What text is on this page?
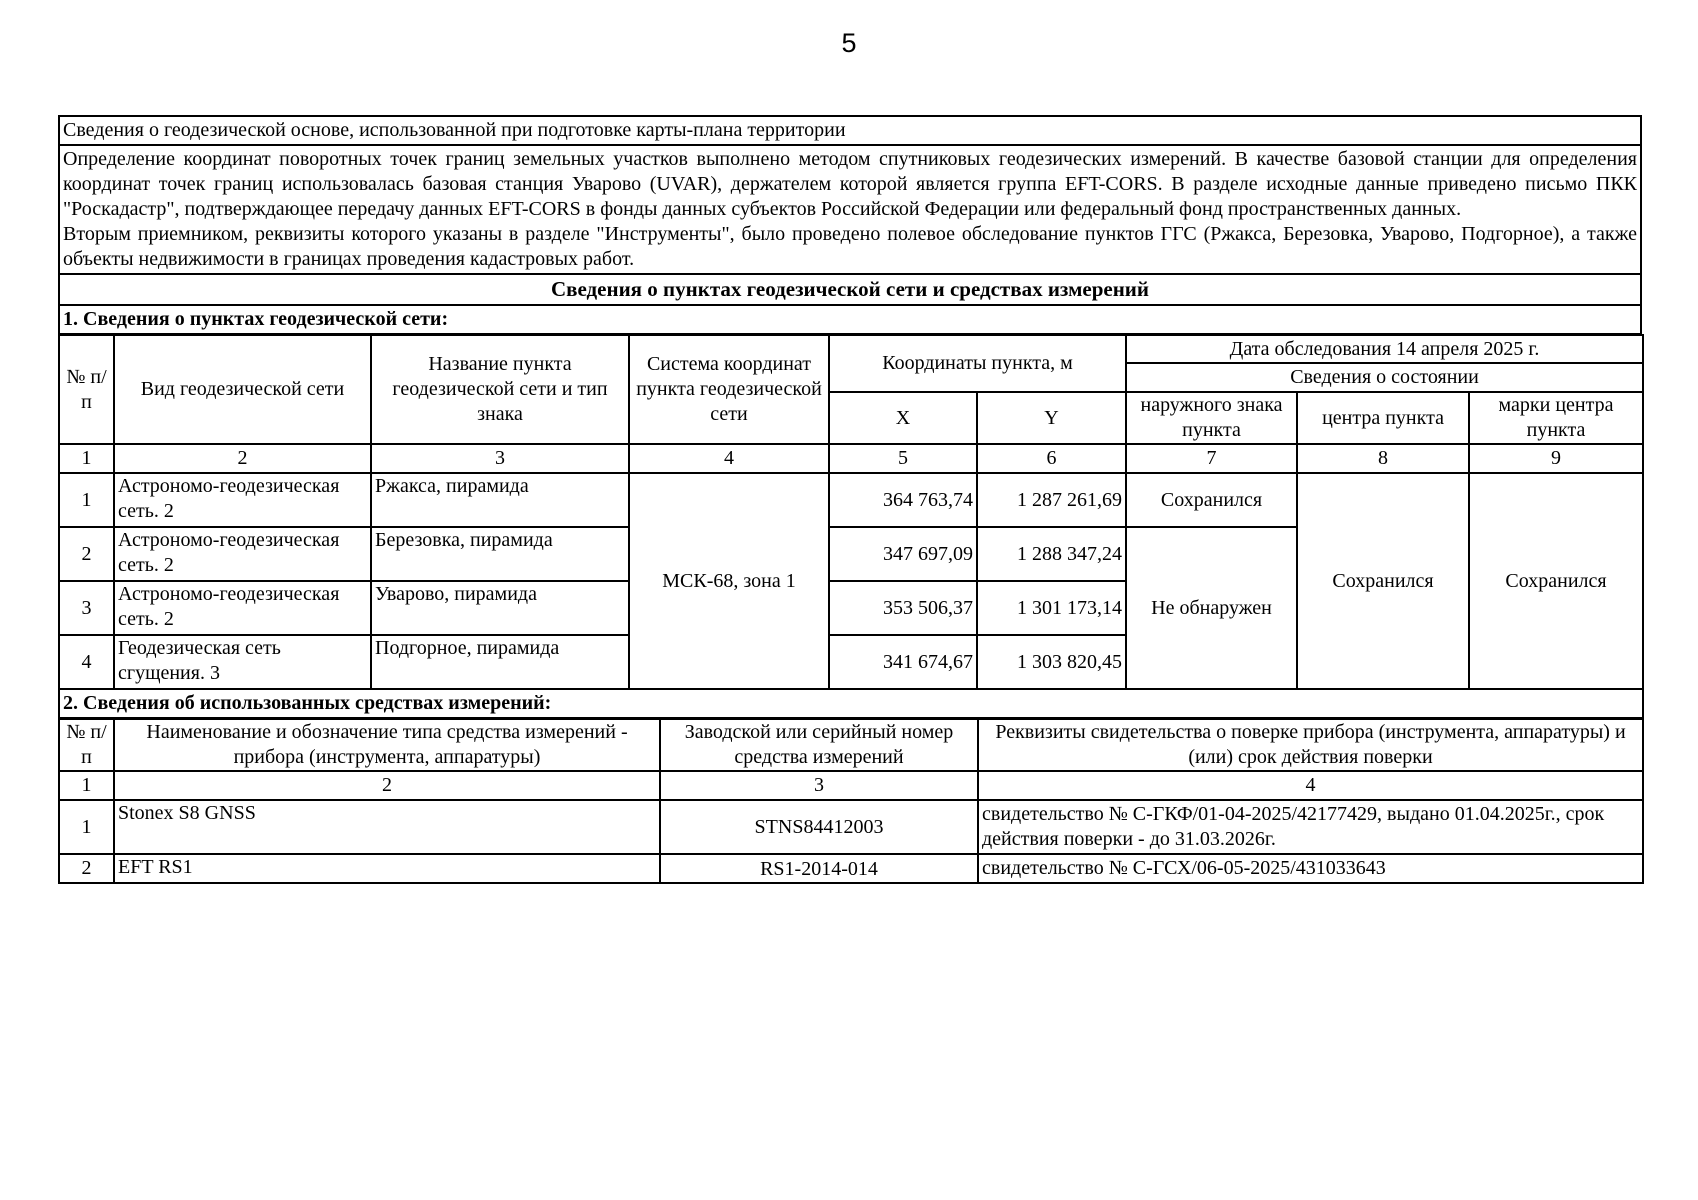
5
Сведения о геодезической основе, использованной при подготовке карты-плана территории

Определение координат поворотных точек границ земельных участков выполнено методом спутниковых геодезических измерений. В качестве базовой станции для определения координат точек границ использовалась базовая станция Уварово (UVAR), держателем которой является группа EFT-CORS. В разделе исходные данные приведено письмо ПКК "Роскадастр", подтверждающее передачу данных EFT-CORS в фонды данных субъектов Российской Федерации или федеральный фонд пространственных данных.
Вторым приемником, реквизиты которого указаны в разделе "Инструменты", было проведено полевое обследование пунктов ГГС (Ржакса, Березовка, Уварово, Подгорное), а также объекты недвижимости в границах проведения кадастровых работ.

Сведения о пунктах геодезической сети и средствах измерений
1. Сведения о пунктах геодезической сети:
№ п/п	Вид геодезической сети	Название пункта геодезической сети и тип знака	Система координат пункта геодезической сети	Координаты пункта, м		Дата обследования 14 апреля 2025 г.		
						Сведения о состоянии		
				X	Y	наружного знака пункта	центра пункта	марки центра пункта
1	2	3	4	5	6	7	8	9
1	Астрономо-геодезическая сеть. 2	Ржакса, пирамида	МСК-68, зона 1	364 763,74	1 287 261,69	Сохранился	Сохранился	Сохранился
2	Астрономо-геодезическая сеть. 2	Березовка, пирамида		347 697,09	1 288 347,24	Не обнаружен		
3	Астрономо-геодезическая сеть. 2	Уварово, пирамида		353 506,37	1 301 173,14			
4	Геодезическая сеть сгущения. 3	Подгорное, пирамида		341 674,67	1 303 820,45			
2. Сведения об использованных средствах измерений:								
№ п/п	Наименование и обозначение типа средства измерений - прибора (инструмента, аппаратуры)	Заводской или серийный номер средства измерений	Реквизиты свидетельства о поверке прибора (инструмента, аппаратуры) и (или) срок действия поверки
1	2	3	4
1	Stonex S8 GNSS	STNS84412003	свидетельство № С-ГКФ/01-04-2025/42177429, выдано 01.04.2025г., срок действия поверки - до 31.03.2026г.
2	EFT RS1	RS1-2014-014	свидетельство № С-ГСХ/06-05-2025/431033643
